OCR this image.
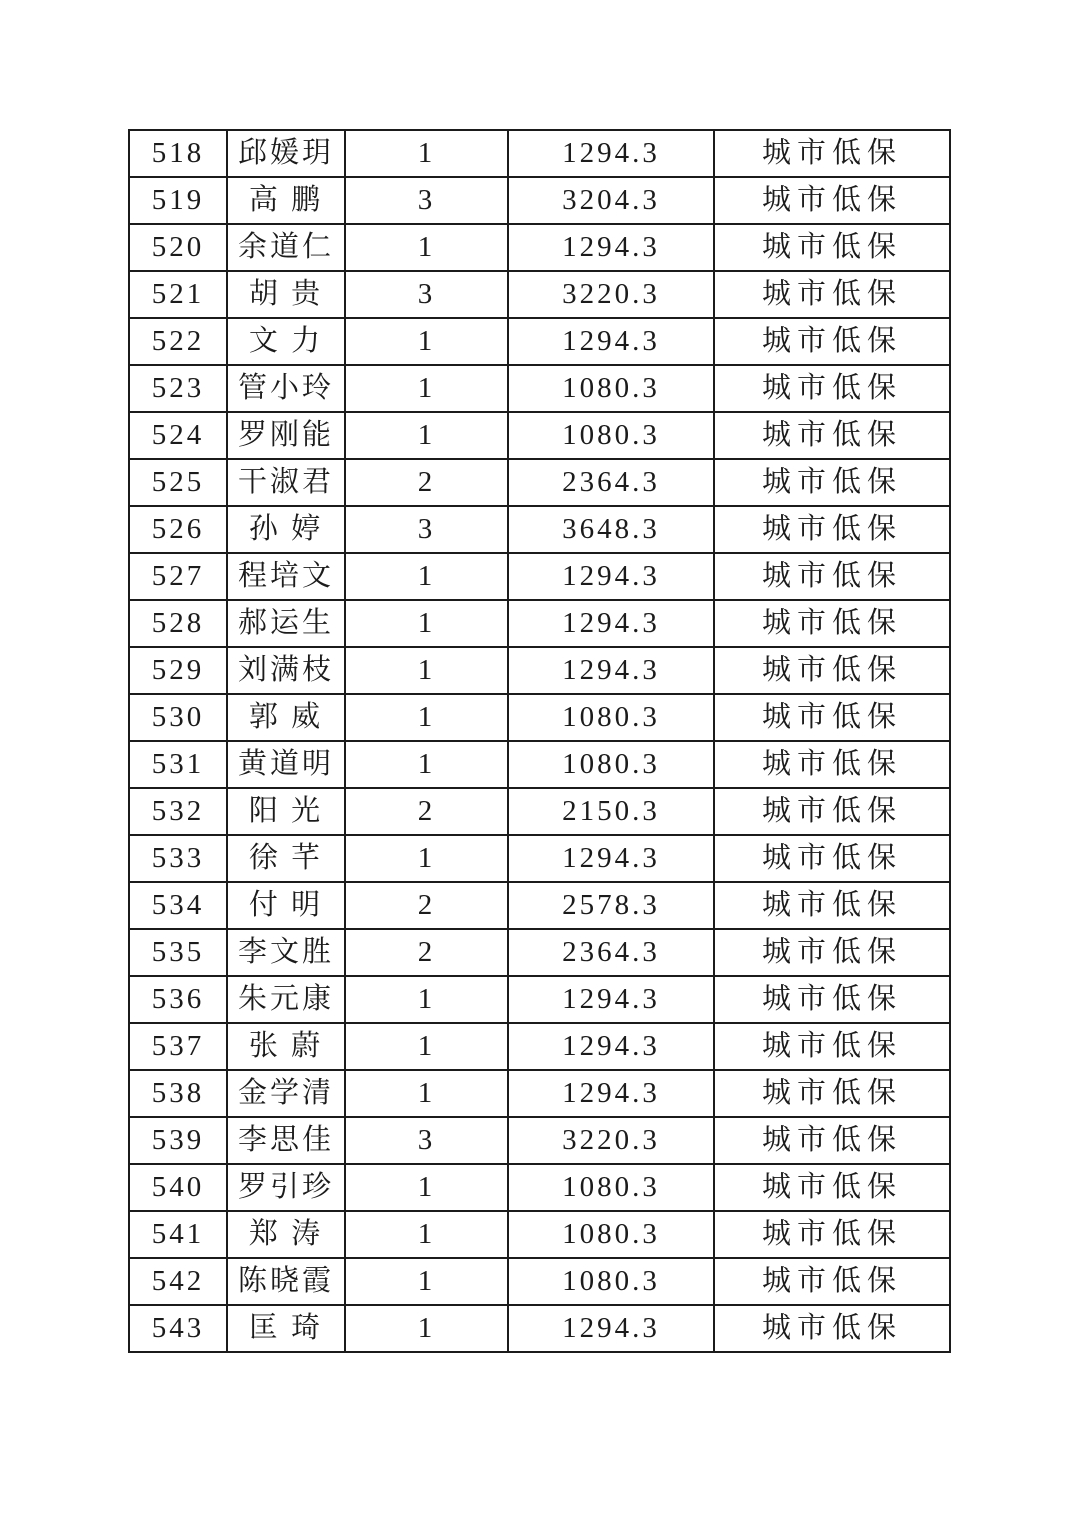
518	邱媛玥	1	1294.3	城市低保
519	高 鹏	3	3204.3	城市低保
520	余道仁	1	1294.3	城市低保
521	胡 贵	3	3220.3	城市低保
522	文 力	1	1294.3	城市低保
523	管小玲	1	1080.3	城市低保
524	罗刚能	1	1080.3	城市低保
525	干淑君	2	2364.3	城市低保
526	孙 婷	3	3648.3	城市低保
527	程培文	1	1294.3	城市低保
528	郝运生	1	1294.3	城市低保
529	刘满枝	1	1294.3	城市低保
530	郭 威	1	1080.3	城市低保
531	黄道明	1	1080.3	城市低保
532	阳 光	2	2150.3	城市低保
533	徐 芊	1	1294.3	城市低保
534	付 明	2	2578.3	城市低保
535	李文胜	2	2364.3	城市低保
536	朱元康	1	1294.3	城市低保
537	张 蔚	1	1294.3	城市低保
538	金学清	1	1294.3	城市低保
539	李思佳	3	3220.3	城市低保
540	罗引珍	1	1080.3	城市低保
541	郑 涛	1	1080.3	城市低保
542	陈晓霞	1	1080.3	城市低保
543	匡 琦	1	1294.3	城市低保
